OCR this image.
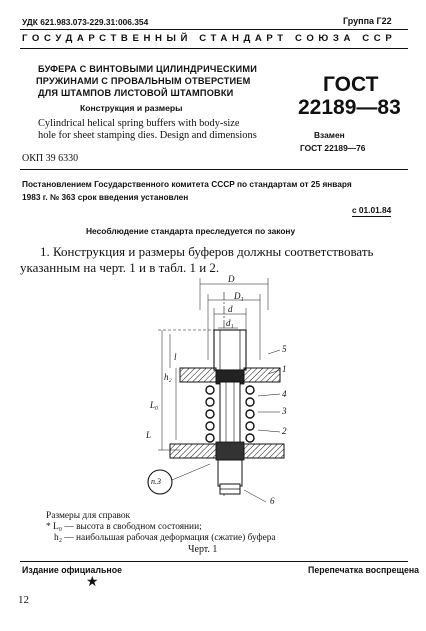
УДК 621.983.073-229.31:006.354	Группа Г22
ГОСУДАРСТВЕННЫЙ СТАНДАРТ СОЮЗА ССР
БУФЕРА С ВИНТОВЫМИ ЦИЛИНДРИЧЕСКИМИ
ПРУЖИНАМИ С ПРОВАЛЬНЫМ ОТВЕРСТИЕМ
ДЛЯ ШТАМПОВ ЛИСТОВОЙ ШТАМПОВКИ
Конструкция и размеры
Cylindrical helical spring buffers with body-size
hole for sheet stamping dies. Design and dimensions
ГОСТ
22189—83
Взамен
ГОСТ 22189—76
ОКП 39 6330
Постановлением Государственного комитета СССР по стандартам от 25 января
1983 г. № 363 срок введения установлен
с 01.01.84
Несоблюдение стандарта преследуется по закону
1. Конструкция и размеры буферов должны соответствовать
указанным на черт. 1 и в табл. 1 и 2.
D
D₁
d
d₁
l
h₂
L₀
L
5
1
4
3
2
6
п.3
Размеры для справок
* L₀ — высота в свободном состоянии;
h₂ — наибольшая рабочая деформация (сжатие) буфера
Черт. 1
Издание официальное	Перепечатка воспрещена
★
12
